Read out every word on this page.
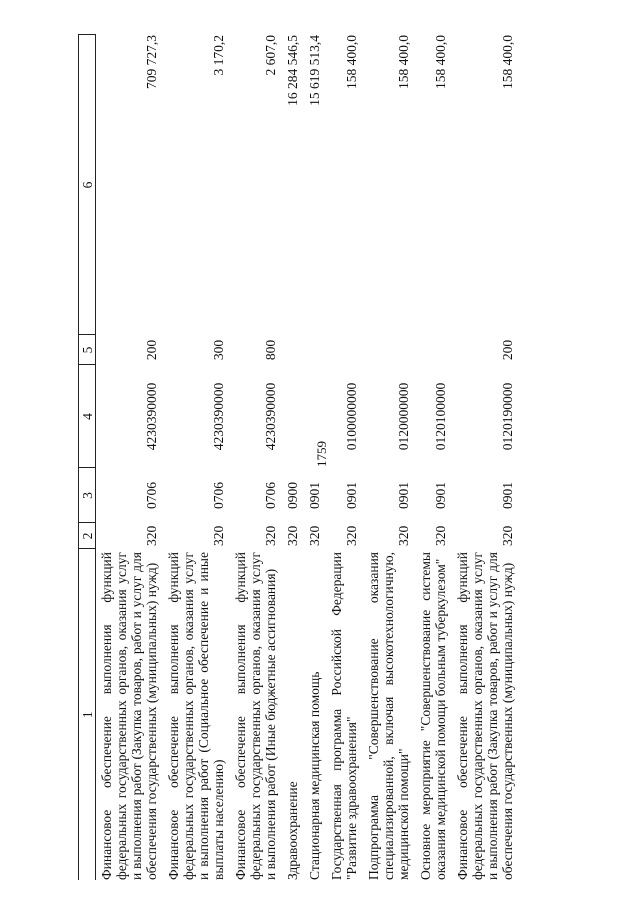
1759
1	2	3	4	5	6
Финансовое обеспечение выполнения функций федеральных государственных органов, оказания услуг и выполнения работ (Закупка товаров, работ и услуг для обеспечения государственных (муниципальных) нужд)	320	0706	4230390000	200	709 727,3
Финансовое обеспечение выполнения функций федеральных государственных органов, оказания услуг и выполнения работ (Социальное обеспечение и иные выплаты населению)	320	0706	4230390000	300	3 170,2
Финансовое обеспечение выполнения функций федеральных государственных органов, оказания услуг и выполнения работ (Иные бюджетные ассигнования)	320	0706	4230390000	800	2 607,0
Здравоохранение	320	0900			16 284 546,5
Стационарная медицинская помощь	320	0901			15 619 513,4
Государственная программа Российской Федерации "Развитие здравоохранения"	320	0901	0100000000		158 400,0
Подпрограмма "Совершенствование оказания специализированной, включая высокотехнологичную, медицинской помощи"	320	0901	0120000000		158 400,0
Основное мероприятие "Совершенствование системы оказания медицинской помощи больным туберкулезом"	320	0901	0120100000		158 400,0
Финансовое обеспечение выполнения функций федеральных государственных органов, оказания услуг и выполнения работ (Закупка товаров, работ и услуг для обеспечения государственных (муниципальных) нужд)	320	0901	0120190000	200	158 400,0
